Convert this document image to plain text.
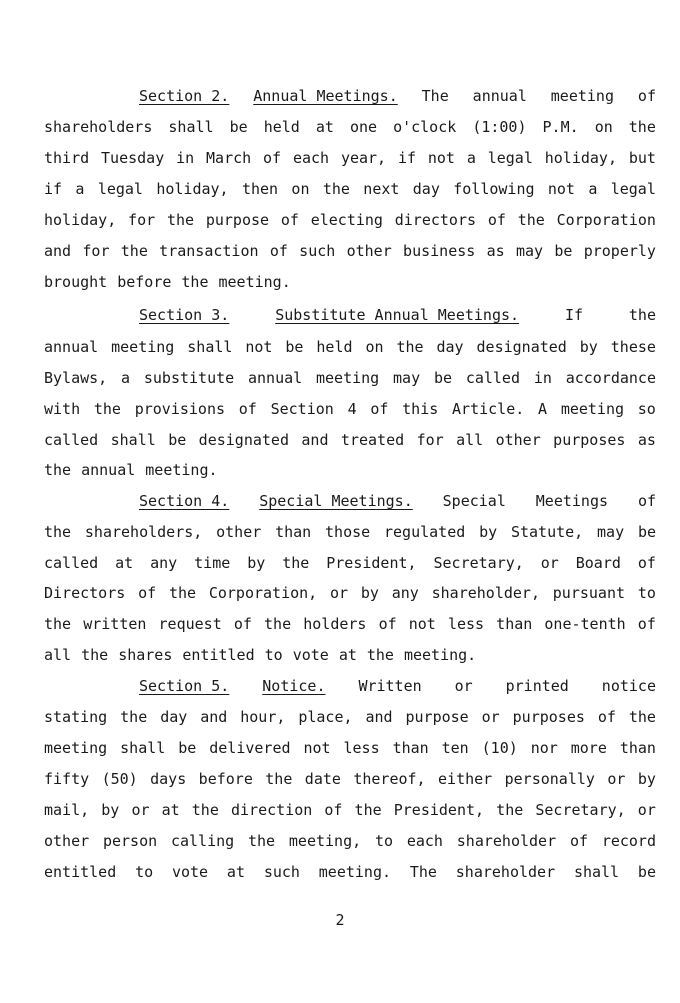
Section 2. Annual Meetings. The annual meeting of
shareholders shall be held at one o'clock (1:00) P.M. on the
third Tuesday in March of each year, if not a legal holiday, but
if a legal holiday, then on the next day following not a legal
holiday, for the purpose of electing directors of the Corporation
and for the transaction of such other business as may be properly
brought before the meeting.
Section 3.	Substitute Annual Meetings.	If	the
annual meeting shall not be held on the day designated by these
Bylaws, a substitute annual meeting may be called in accordance
with the provisions of Section 4 of this Article. A meeting so
called shall be designated and treated for all other purposes as
the annual meeting.
Section 4. Special Meetings. Special Meetings of
the shareholders, other than those regulated by Statute, may be
called at any time by the President, Secretary, or Board of
Directors of the Corporation, or by any shareholder, pursuant to
the written request of the holders of not less than one-tenth of
all the shares entitled to vote at the meeting.
Section 5. Notice. Written or printed notice
stating the day and hour, place, and purpose or purposes of the
meeting shall be delivered not less than ten (10) nor more than
fifty (50) days before the date thereof, either personally or by
mail, by or at the direction of the President, the Secretary, or
other person calling the meeting, to each shareholder of record
entitled to vote at such meeting. The shareholder shall be
2
